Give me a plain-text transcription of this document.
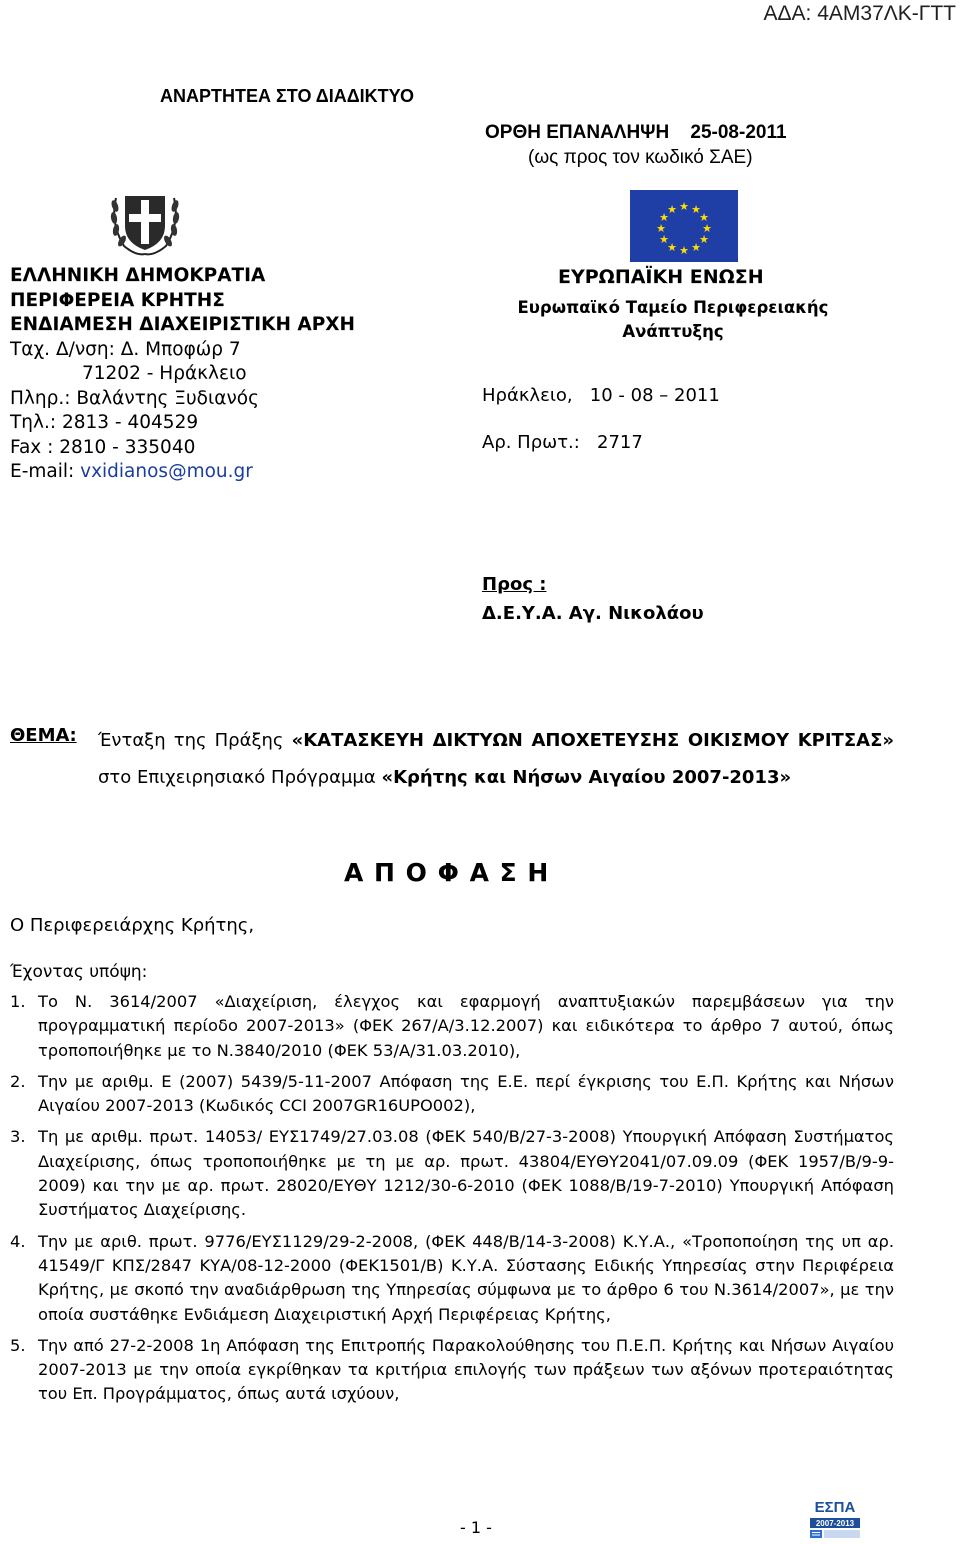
ΑΔΑ: 4ΑΜ37ΛΚ-ΓΤΤ
ΑΝΑΡΤΗΤΕΑ ΣΤΟ ΔΙΑΔΙΚΤΥΟ
ΟΡΘΗ ΕΠΑΝΑΛΗΨΗ    25-08-2011
(ως προς τον κωδικό ΣΑΕ)
★ ★
★
★
★
★
★
★
★
★
★
★
ΕΛΛΗΝΙΚΗ ΔΗΜΟΚΡΑΤΙΑ
ΠΕΡΙΦΕΡΕΙΑ ΚΡΗΤΗΣ
ΕΝΔΙΑΜΕΣΗ ΔΙΑΧΕΙΡΙΣΤΙΚΗ ΑΡΧΗ
Ταχ. Δ/νση: Δ. Μποφώρ 7
71202 - Ηράκλειο
Πληρ.: Βαλάντης Ξυδιανός
Τηλ.: 2813 - 404529
Fax : 2810 - 335040
E-mail: vxidianos@mou.gr
ΕΥΡΩΠΑΪΚΗ ΕΝΩΣΗ
Ευρωπαϊκό Ταμείο Περιφερειακής Ανάπτυξης
Ηράκλειο,   10 - 08 – 2011
Αρ. Πρωτ.:   2717
Προς :
Δ.Ε.Υ.Α. Αγ. Νικολάου
ΘΕΜΑ: Ένταξη της Πράξης «ΚΑΤΑΣΚΕΥΗ ΔΙΚΤΥΩΝ ΑΠΟΧΕΤΕΥΣΗΣ ΟΙΚΙΣΜΟΥ ΚΡΙΤΣΑΣ» στο Επιχειρησιακό Πρόγραμμα «Κρήτης και Νήσων Αιγαίου 2007-2013»
Α Π Ο Φ Α Σ Η
Ο Περιφερειάρχης Κρήτης,
Έχοντας υπόψη:
1. Το Ν. 3614/2007 «Διαχείριση, έλεγχος και εφαρμογή αναπτυξιακών παρεμβάσεων για την προγραμματική περίοδο 2007-2013» (ΦΕΚ 267/Α/3.12.2007) και ειδικότερα το άρθρο 7 αυτού, όπως τροποποιήθηκε με το Ν.3840/2010 (ΦΕΚ 53/Α/31.03.2010),
2. Την με αριθμ. Ε (2007) 5439/5-11-2007 Απόφαση της Ε.Ε. περί έγκρισης του Ε.Π. Κρήτης και Νήσων Αιγαίου 2007-2013 (Κωδικός CCI 2007GR16UPO002),
3. Τη με αριθμ. πρωτ. 14053/ ΕΥΣ1749/27.03.08 (ΦΕΚ 540/Β/27-3-2008) Υπουργική Απόφαση Συστήματος Διαχείρισης, όπως τροποποιήθηκε με τη με αρ. πρωτ. 43804/ΕΥΘΥ2041/07.09.09 (ΦΕΚ 1957/Β/9-9-2009) και την με αρ. πρωτ. 28020/ΕΥΘΥ 1212/30-6-2010 (ΦΕΚ 1088/Β/19-7-2010) Υπουργική Απόφαση Συστήματος Διαχείρισης.
4. Την με αριθ. πρωτ. 9776/ΕΥΣ1129/29-2-2008, (ΦΕΚ 448/Β/14-3-2008) Κ.Υ.Α., «Τροποποίηση της υπ αρ. 41549/Γ ΚΠΣ/2847 ΚΥΑ/08-12-2000 (ΦΕΚ1501/Β) Κ.Υ.Α. Σύστασης Ειδικής Υπηρεσίας στην Περιφέρεια Κρήτης, με σκοπό την αναδιάρθρωση της Υπηρεσίας σύμφωνα με το άρθρο 6 του Ν.3614/2007», με την οποία συστάθηκε Ενδιάμεση Διαχειριστική Αρχή Περιφέρειας Κρήτης,
5. Την από 27-2-2008 1η Απόφαση της Επιτροπής Παρακολούθησης του Π.Ε.Π. Κρήτης και Νήσων Αιγαίου 2007-2013 με την οποία εγκρίθηκαν τα κριτήρια επιλογής των πράξεων των αξόνων προτεραιότητας του Επ. Προγράμματος, όπως αυτά ισχύουν,
- 1 -
ΕΣΠΑ
2007-2013
